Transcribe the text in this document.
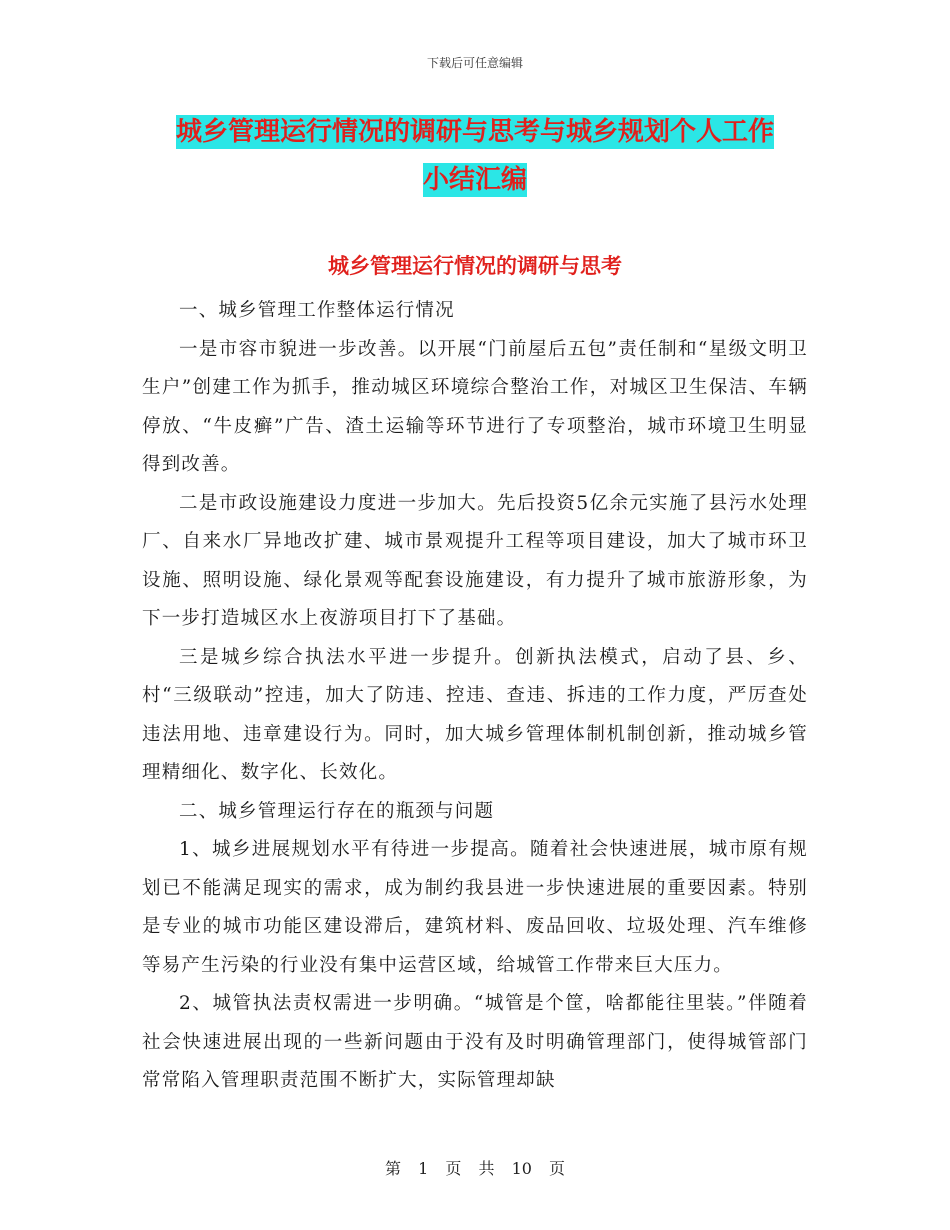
下载后可任意编辑
城乡管理运行情况的调研与思考与城乡规划个人工作
小结汇编
城乡管理运行情况的调研与思考

一、城乡管理工作整体运行情况

一是市容市貌进一步改善。以开展“门前屋后五包”责任制和“星级文明卫生户”创建工作为抓手，推动城区环境综合整治工作，对城区卫生保洁、车辆停放、“牛皮癣”广告、渣土运输等环节进行了专项整治，城市环境卫生明显得到改善。

二是市政设施建设力度进一步加大。先后投资5亿余元实施了县污水处理厂、自来水厂异地改扩建、城市景观提升工程等项目建设，加大了城市环卫设施、照明设施、绿化景观等配套设施建设，有力提升了城市旅游形象，为下一步打造城区水上夜游项目打下了基础。

三是城乡综合执法水平进一步提升。创新执法模式，启动了县、乡、村“三级联动”控违，加大了防违、控违、查违、拆违的工作力度，严厉查处违法用地、违章建设行为。同时，加大城乡管理体制机制创新，推动城乡管理精细化、数字化、长效化。

二、城乡管理运行存在的瓶颈与问题

1、城乡进展规划水平有待进一步提高。随着社会快速进展，城市原有规划已不能满足现实的需求，成为制约我县进一步快速进展的重要因素。特别是专业的城市功能区建设滞后，建筑材料、废品回收、垃圾处理、汽车维修等易产生污染的行业没有集中运营区域，给城管工作带来巨大压力。

2、城管执法责权需进一步明确。“城管是个筐，啥都能往里装。”伴随着社会快速进展出现的一些新问题由于没有及时明确管理部门，使得城管部门常常陷入管理职责范围不断扩大，实际管理却缺

第 1 页 共 10 页
